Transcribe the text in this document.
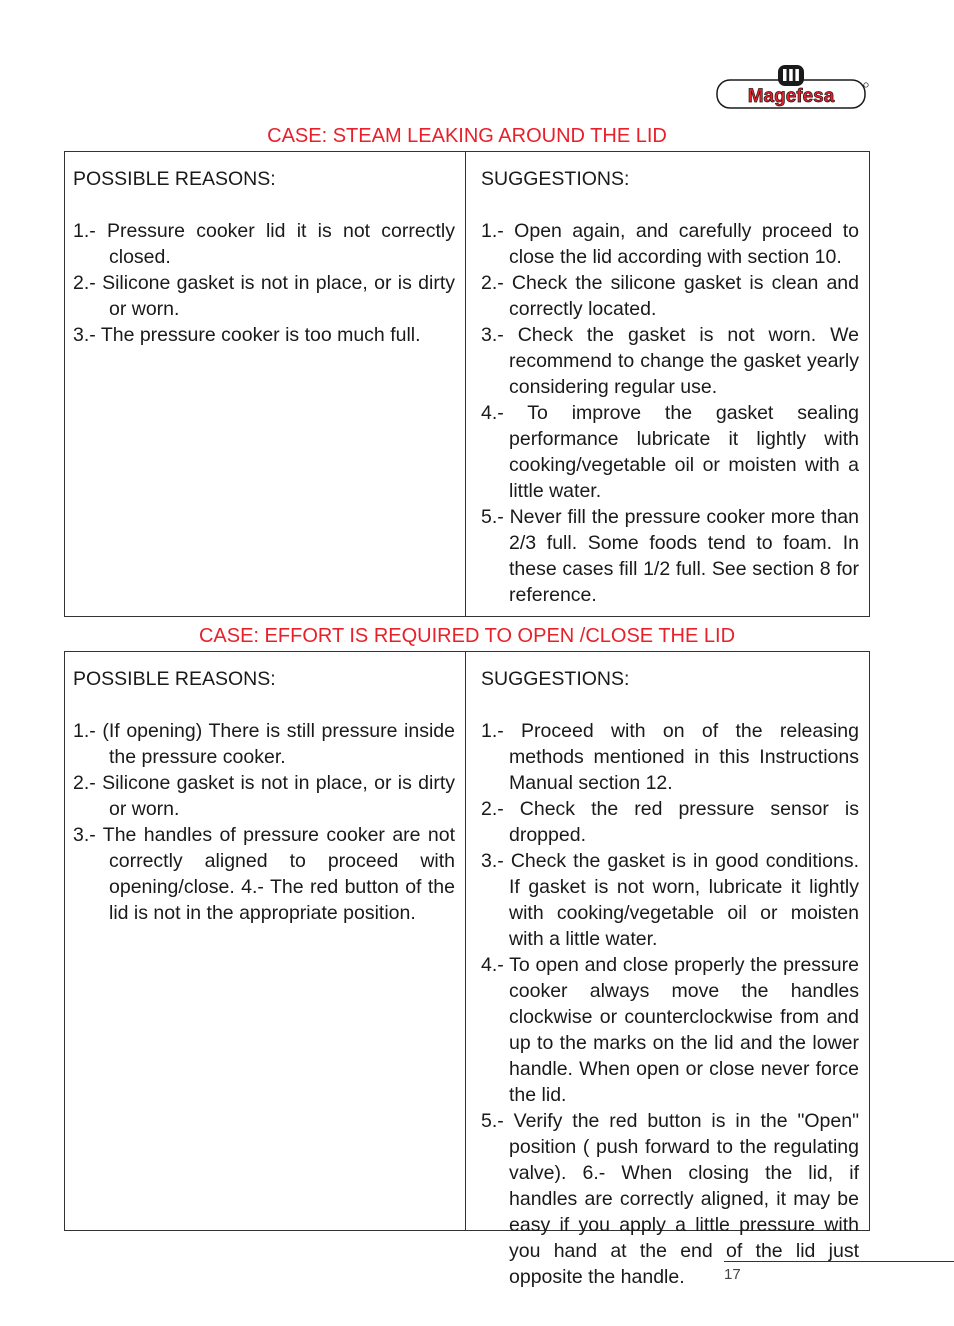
Magefesa
CASE: STEAM LEAKING AROUND THE LID
POSSIBLE REASONS:
1.- Pressure cooker lid it is not correctly closed.
2.- Silicone gasket is not in place, or is dirty or worn.
3.- The pressure cooker is too much full.
SUGGESTIONS:
1.- Open again, and carefully proceed to close the lid according with section 10.
2.- Check the silicone gasket is clean and correctly located.
3.- Check the gasket is not worn. We recommend to change the gasket yearly considering regular use.
4.- To improve the gasket sealing performance lubricate it lightly with cooking/vegetable oil or moisten with a little water.
5.- Never fill the pressure cooker more than 2/3 full. Some foods tend to foam. In these cases fill 1/2 full. See section 8 for reference.
CASE: EFFORT IS REQUIRED TO OPEN /CLOSE THE LID
POSSIBLE REASONS:
1.- (If opening) There is still pressure inside the pressure cooker.
2.- Silicone gasket is not in place, or is dirty or worn.
3.- The handles of pressure cooker are not correctly aligned to proceed with opening/close. 4.- The red button of the lid is not in the appropriate position.
SUGGESTIONS:
1.- Proceed with on of the releasing methods mentioned in this Instructions Manual section 12.
2.- Check the red pressure sensor is dropped.
3.- Check the gasket is in good conditions. If gasket is not worn, lubricate it lightly with cooking/vegetable oil or moisten with a little water.
4.- To open and close properly the pressure cooker always move the handles clockwise or counterclockwise from and up to the marks on the lid and the lower handle. When open or close never force the lid.
5.- Verify the red button is in the "Open" position ( push forward to the regulating valve). 6.- When closing the lid, if handles are correctly aligned, it may be easy if you apply a little pressure with you hand at the end of the lid just opposite the handle.	17
